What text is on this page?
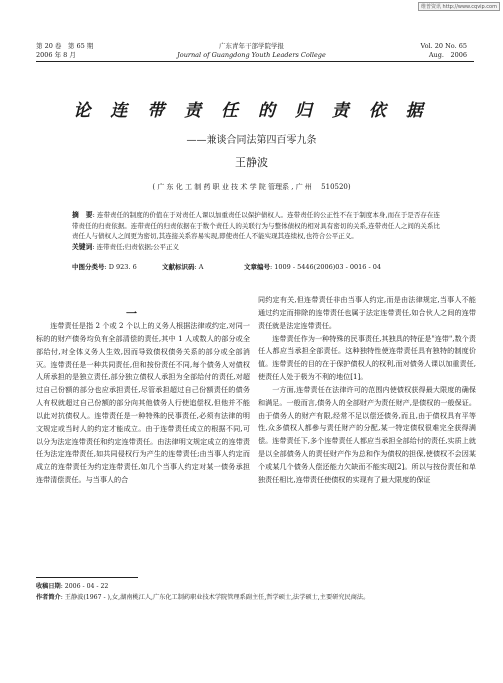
维普资讯 http://www.cqvip.com
第 20 卷　第 65 期
2006 年 8 月
广东青年干部学院学报
Journal of Guangdong Youth Leaders College
Vol. 20 No. 65
Aug.　2006
论 连 带 责 任 的 归 责 依 据
——兼谈合同法第四百零九条
王静波
( 广 东 化 工 制 药 职 业 技 术 学 院 管理系 , 广 州　 510520)
摘　要: 连带责任的制度的价值在于对责任人课以加重责任以保护债权人。连带责任的公正性不在于制度本身,而在于是否存在连带责任的归责依据。连带责任的归责依据在于数个责任人的关联行为与整体债权的相对具有密切的关系,连带责任人之间的关系比责任人与债权人之间更为密切,其连接关系容易实现,即使责任人不能实现其连续权,也符合公平正义。
关键词: 连带责任;归责依据;公平正义
中图分类号: D 923. 6	文献标识码: A	文章编号: 1009 - 5446(2006)03 - 0016 - 04
一

连带责任是指 2 个或 2 个以上的义务人根据法律或约定,对同一标的的财产债务均负有全部清偿的责任,其中 1 人或数人的部分或全部给付,对全体义务人生效,因而导致债权债务关系的部分或全部消灭。连带责任是一种共同责任,但和按份责任不同,每个债务人对债权人所承担的是独立责任,部分独立债权人承担为全部给付的责任,对超过自己份额的部分也应承担责任,尽管承担超过自己份额责任的债务人有权就超过自己份额的部分向其他债务人行使追偿权,但他并不能以此对抗债权人。连带责任是一种特殊的民事责任,必须有法律的明文规定或当时人的约定才能成立。由于连带责任成立的根据不同,可以分为法定连带责任和约定连带责任。由法律明文规定成立的连带责任为法定连带责任,如共同侵权行为产生的连带责任;由当事人约定而成立的连带责任为约定连带责任,如几个当事人约定对某一债务承担连带清偿责任。与当事人的合

同约定有关,但连带责任非由当事人约定,而是由法律规定,当事人不能通过约定而排除的连带责任也属于法定连带责任,如合伙人之间的连带责任就是法定连带责任。

连带责任作为一种特殊的民事责任,其独具的特征是"连带",数个责任人都应当承担全部责任。这种独特性使连带责任具有独特的制度价值。连带责任的目的在于保护债权人的权利,而对债务人课以加重责任,使责任人处于极为不利的地位[1]。

一方面,连带责任在法律许可的范围内使债权获得最大限度的确保和满足。一般而言,债务人的全部财产为责任财产,是债权的一般保证。由于债务人的财产有限,经常不足以偿还债务,而且,由于债权具有平等性,众多债权人都參与责任财产的分配,某一特定债权很难完全获得满偿。连带责任下,多个连带责任人都应当承担全部给付的责任,实质上就是以全部债务人的责任财产作为总和作为债权的担保,使债权不会因某个或某几个债务人偿还能力欠缺而不能实现[2]。所以与按份责任和单独责任相比,连带责任使债权的实现有了最大限度的保证

收稿日期: 2006 - 04 - 22
作者简介: 王静波(1967 - ),女,湖南桃江人,广东化工制药职业技术学院管理系副主任,哲学硕士,法学硕士,主要研究民商法。
